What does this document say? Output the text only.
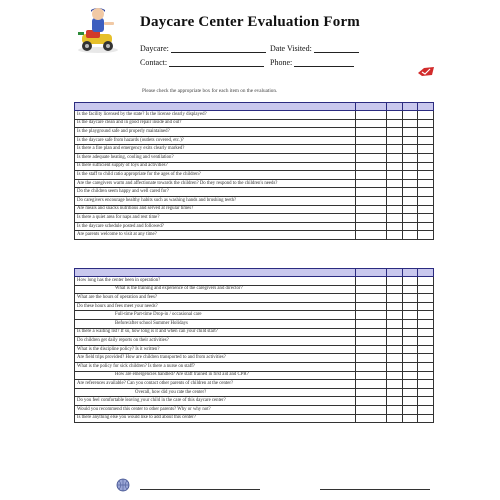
Daycare Center Evaluation Form
Daycare:	Date Visited:
Contact:	Phone:
Please check the appropriate box for each item on the evaluation.

Is the facility licensed by the state? Is the license clearly displayed?				
Is the daycare clean and in good repair inside and out?				
Is the playground safe and properly maintained?				
Is the daycare safe from hazards (outlets covered, etc.)?				
Is there a fire plan and emergency exits clearly marked?				
Is there adequate heating, cooling and ventilation?				
Is there sufficient supply of toys and activities?				
Is the staff to child ratio appropriate for the ages of the children?				
Are the caregivers warm and affectionate towards the children? Do they respond to the children's needs?				
Do the children seem happy and well cared for?				
Do caregivers encourage healthy habits such as washing hands and brushing teeth?				
Are meals and snacks nutritious and served at regular times?				
Is there a quiet area for naps and rest time?				
Is the daycare schedule posted and followed?				
Are parents welcome to visit at any time?				

How long has the center been in operation?				
What is the training and experience of the caregivers and director?				
What are the hours of operation and fees?				
Do these hours and fees meet your needs?				
Full-time Part-time Drop-in / occasional care				
Before/after school Summer Holidays				
Is there a waiting list? If so, how long is it and when can your child start?				
Do children get daily reports on their activities?				
What is the discipline policy? Is it written?				
Are field trips provided? How are children transported to and from activities?				
What is the policy for sick children? Is there a nurse on staff?				
How are emergencies handled? Are staff trained in first aid and CPR?				
Are references available? Can you contact other parents of children at the center?				
Overall, how did you rate the center?				
Do you feel comfortable leaving your child in the care of this daycare center?				
Would you recommend this center to other parents? Why or why not?				
Is there anything else you would like to add about this center?				
